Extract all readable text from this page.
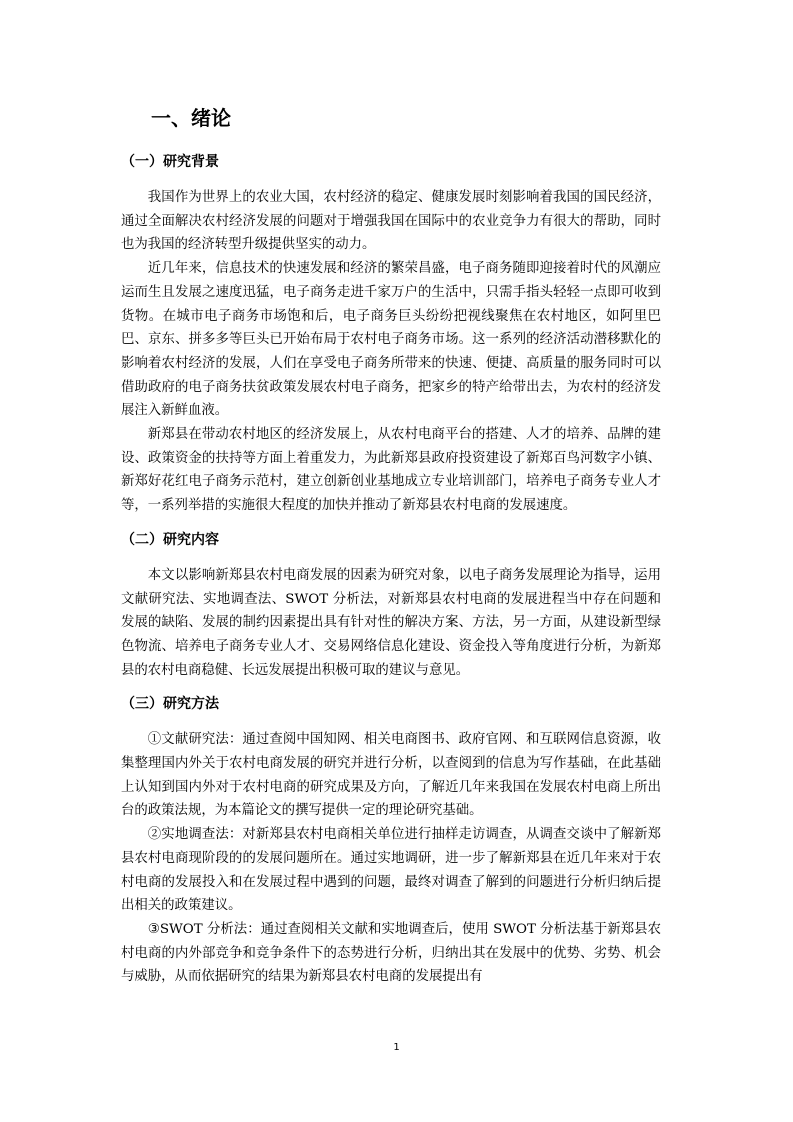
一、绪论
（一）研究背景

我国作为世界上的农业大国，农村经济的稳定、健康发展时刻影响着我国的国民经济，通过全面解决农村经济发展的问题对于增强我国在国际中的农业竞争力有很大的帮助，同时也为我国的经济转型升级提供坚实的动力。

近几年来，信息技术的快速发展和经济的繁荣昌盛，电子商务随即迎接着时代的风潮应运而生且发展之速度迅猛，电子商务走进千家万户的生活中，只需手指头轻轻一点即可收到货物。在城市电子商务市场饱和后，电子商务巨头纷纷把视线聚焦在农村地区，如阿里巴巴、京东、拼多多等巨头已开始布局于农村电子商务市场。这一系列的经济活动潜移默化的影响着农村经济的发展，人们在享受电子商务所带来的快速、便捷、高质量的服务同时可以借助政府的电子商务扶贫政策发展农村电子商务，把家乡的特产给带出去，为农村的经济发展注入新鲜血液。

新郑县在带动农村地区的经济发展上，从农村电商平台的搭建、人才的培养、品牌的建设、政策资金的扶持等方面上着重发力，为此新郑县政府投资建设了新郑百鸟河数字小镇、新郑好花红电子商务示范村，建立创新创业基地成立专业培训部门，培养电子商务专业人才等，一系列举措的实施很大程度的加快并推动了新郑县农村电商的发展速度。

（二）研究内容

本文以影响新郑县农村电商发展的因素为研究对象，以电子商务发展理论为指导，运用文献研究法、实地调查法、SWOT 分析法，对新郑县农村电商的发展进程当中存在问题和发展的缺陷、发展的制约因素提出具有针对性的解决方案、方法，另一方面，从建设新型绿色物流、培养电子商务专业人才、交易网络信息化建设、资金投入等角度进行分析，为新郑县的农村电商稳健、长远发展提出积极可取的建议与意见。

（三）研究方法

①文献研究法：通过查阅中国知网、相关电商图书、政府官网、和互联网信息资源，收集整理国内外关于农村电商发展的研究并进行分析，以查阅到的信息为写作基础，在此基础上认知到国内外对于农村电商的研究成果及方向，了解近几年来我国在发展农村电商上所出台的政策法规，为本篇论文的撰写提供一定的理论研究基础。

②实地调查法：对新郑县农村电商相关单位进行抽样走访调查，从调查交谈中了解新郑县农村电商现阶段的的发展问题所在。通过实地调研，进一步了解新郑县在近几年来对于农村电商的发展投入和在发展过程中遇到的问题，最终对调查了解到的问题进行分析归纳后提出相关的政策建议。

③SWOT 分析法：通过查阅相关文献和实地调查后，使用 SWOT 分析法基于新郑县农村电商的内外部竞争和竞争条件下的态势进行分析，归纳出其在发展中的优势、劣势、机会与威胁，从而依据研究的结果为新郑县农村电商的发展提出有

1
